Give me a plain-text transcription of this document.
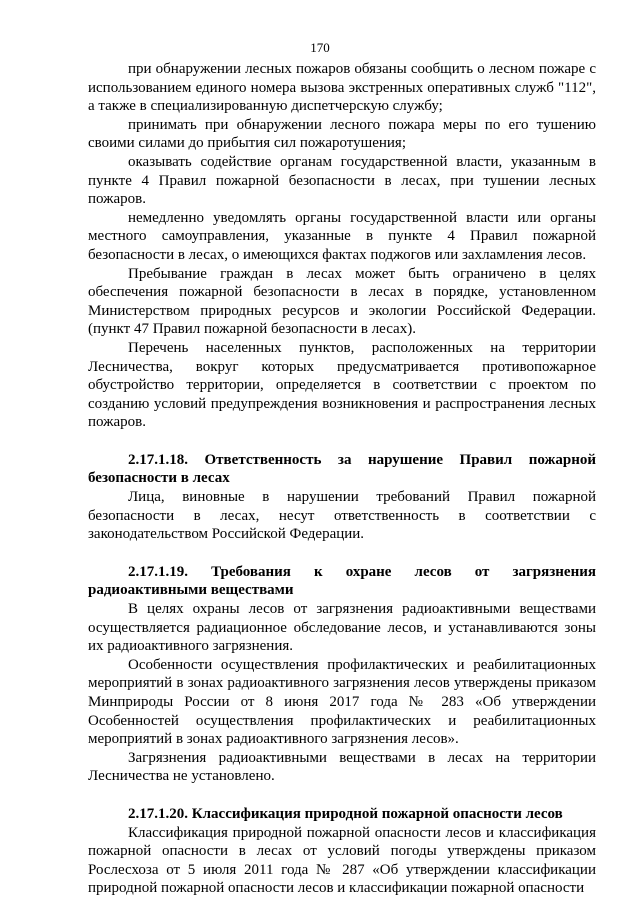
170

при обнаружении лесных пожаров обязаны сообщить о лесном пожаре с использованием единого номера вызова экстренных оперативных служб "112", а также в специализированную диспетчерскую службу;

принимать при обнаружении лесного пожара меры по его тушению своими силами до прибытия сил пожаротушения;

оказывать содействие органам государственной власти, указанным в пункте 4 Правил пожарной безопасности в лесах, при тушении лесных пожаров.

немедленно уведомлять органы государственной власти или органы местного самоуправления, указанные в пункте 4 Правил пожарной безопасности в лесах, о имеющихся фактах поджогов или захламления лесов.

Пребывание граждан в лесах может быть ограничено в целях обеспечения пожарной безопасности в лесах в порядке, установленном Министерством природных ресурсов и экологии Российской Федерации. (пункт 47 Правил пожарной безопасности в лесах).

Перечень населенных пунктов, расположенных на территории Лесничества, вокруг которых предусматривается противопожарное обустройство территории, определяется в соответствии с проектом по созданию условий предупреждения возникновения и распространения лесных пожаров.

2.17.1.18. Ответственность за нарушение Правил пожарной безопасности в лесах

Лица, виновные в нарушении требований Правил пожарной безопасности в лесах, несут ответственность в соответствии с законодательством Российской Федерации.

2.17.1.19. Требования к охране лесов от загрязнения радиоактивными веществами

В целях охраны лесов от загрязнения радиоактивными веществами осуществляется радиационное обследование лесов, и устанавливаются зоны их радиоактивного загрязнения.

Особенности осуществления профилактических и реабилитационных мероприятий в зонах радиоактивного загрязнения лесов утверждены приказом Минприроды России от 8 июня 2017 года № 283 «Об утверждении Особенностей осуществления профилактических и реабилитационных мероприятий в зонах радиоактивного загрязнения лесов».

Загрязнения радиоактивными веществами в лесах на территории Лесничества не установлено.

2.17.1.20. Классификация природной пожарной опасности лесов

Классификация природной пожарной опасности лесов и классификация пожарной опасности в лесах от условий погоды утверждены приказом Рослесхоза от 5 июля 2011 года № 287 «Об утверждении классификации природной пожарной опасности лесов и классификации пожарной опасности
